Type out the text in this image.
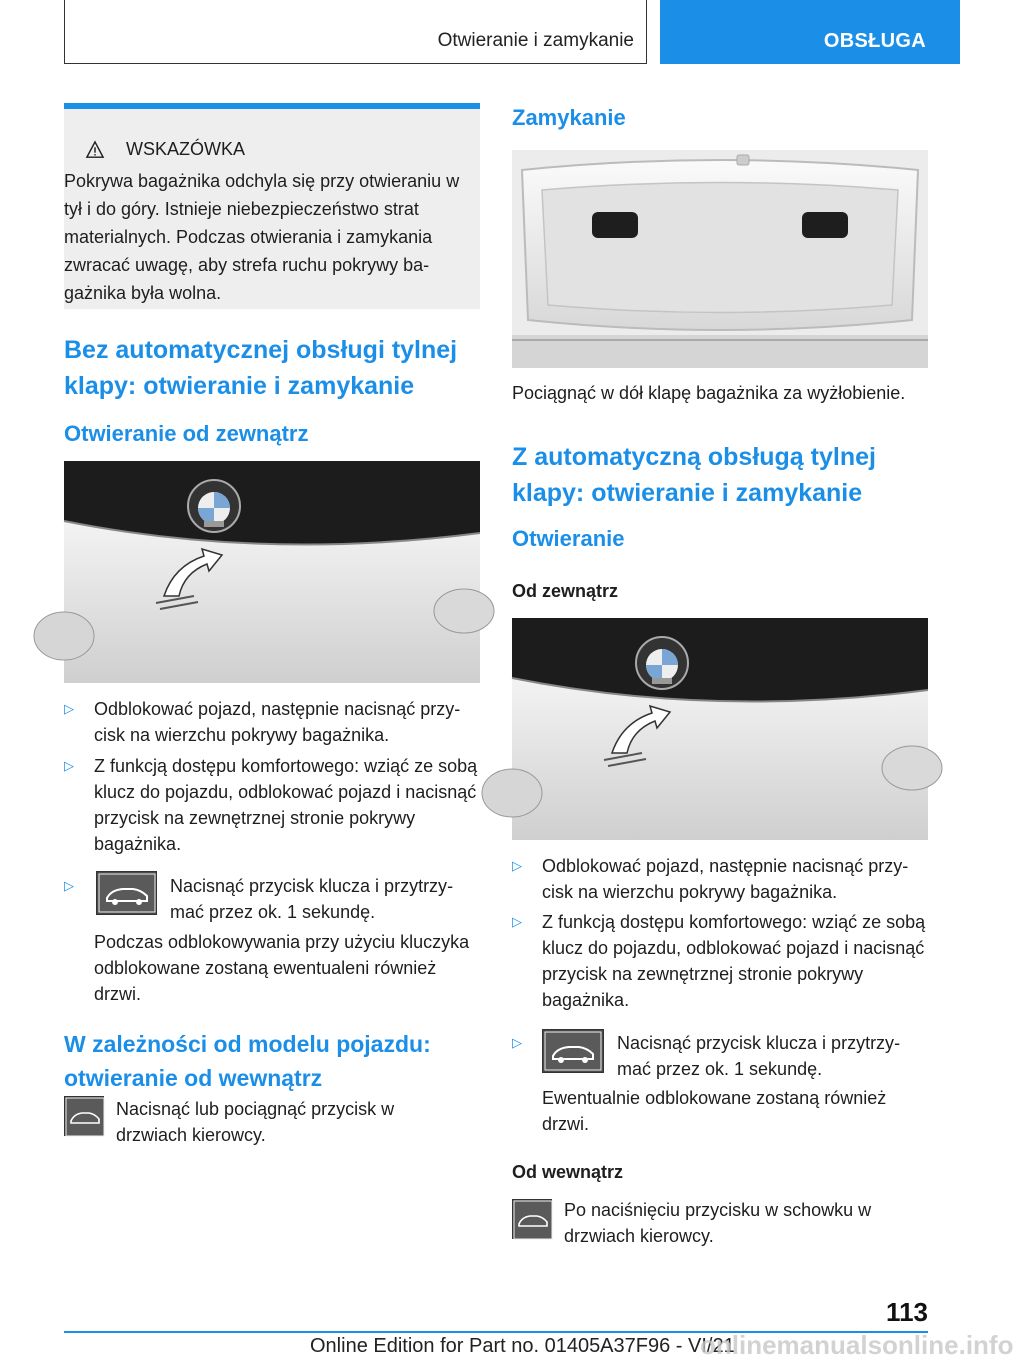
Otwieranie i zamykanie	OBSŁUGA
WSKAZÓWKA
Pokrywa bagażnika odchyla się przy otwieraniu w tył i do góry. Istnieje niebezpieczeństwo strat materialnych. Podczas otwierania i zamykania zwracać uwagę, aby strefa ruchu pokrywy bagażnika była wolna.
Bez automatycznej obsługi tylnej klapy: otwieranie i zamykanie
Otwieranie od zewnątrz
▷ Odblokować pojazd, następnie nacisnąć przycisk na wierzchu pokrywy bagażnika.
▷ Z funkcją dostępu komfortowego: wziąć ze sobą klucz do pojazdu, odblokować pojazd i nacisnąć przycisk na zewnętrznej stronie pokrywy bagażnika.
▷	Nacisnąć przycisk klucza i przytrzymać przez ok. 1 sekundę.
Podczas odblokowywania przy użyciu kluczyka odblokowane zostaną ewentualeni również drzwi.
W zależności od modelu pojazdu: otwieranie od wewnątrz
Nacisnąć lub pociągnąć przycisk w drzwiach kierowcy.
Zamykanie
Pociągnąć w dół klapę bagażnika za wyżłobienie.
Z automatyczną obsługą tylnej klapy: otwieranie i zamykanie
Otwieranie
Od zewnątrz
▷ Odblokować pojazd, następnie nacisnąć przycisk na wierzchu pokrywy bagażnika.
▷ Z funkcją dostępu komfortowego: wziąć ze sobą klucz do pojazdu, odblokować pojazd i nacisnąć przycisk na zewnętrznej stronie pokrywy bagażnika.
▷	Nacisnąć przycisk klucza i przytrzymać przez ok. 1 sekundę.
Ewentualnie odblokowane zostaną również drzwi.
Od wewnątrz
Po naciśnięciu przycisku w schowku w drzwiach kierowcy.
113
Online Edition for Part no. 01405A37F96 - VI/21
onlinemanualsonline.info
